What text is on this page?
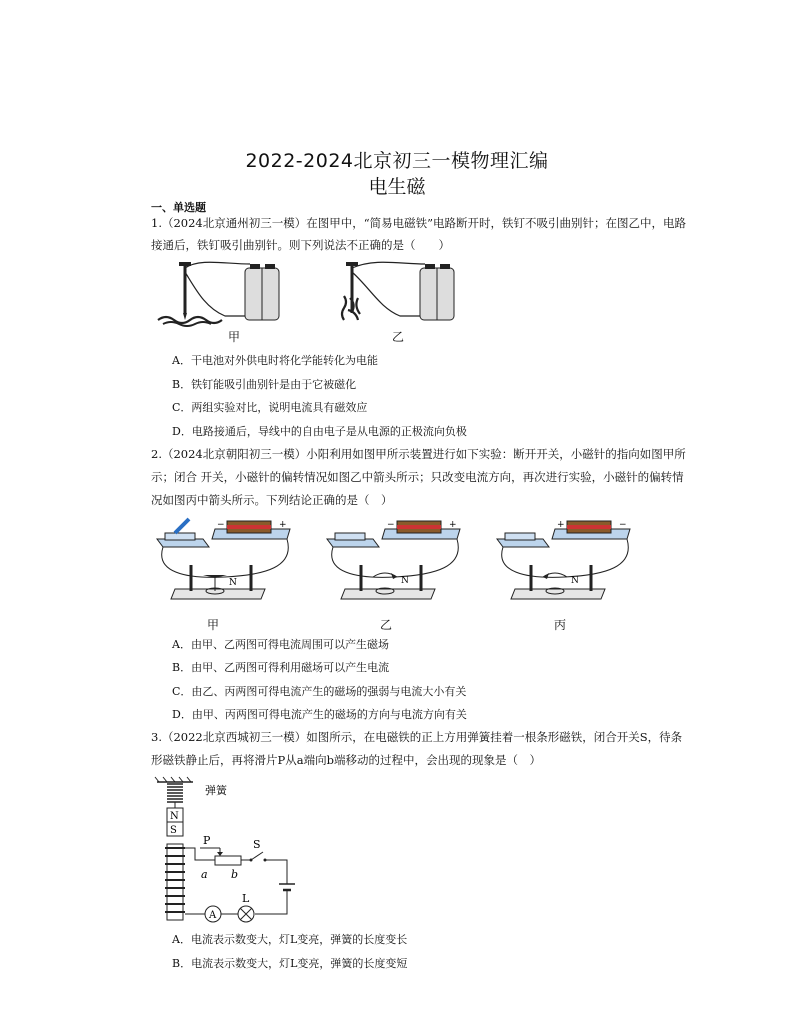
2022-2024北京初三一模物理汇编
电生磁
一、单选题
1.（2024北京通州初三一模）在图甲中，“简易电磁铁”电路断开时，铁钉不吸引曲别针；在图乙中，电路
接通后，铁钉吸引曲别针。则下列说法不正确的是（　　）
甲	乙
A．干电池对外供电时将化学能转化为电能
B．铁钉能吸引曲别针是由于它被磁化
C．两组实验对比，说明电流具有磁效应
D．电路接通后，导线中的自由电子是从电源的正极流向负极
2.（2024北京朝阳初三一模）小阳利用如图甲所示装置进行如下实验：断开开关，小磁针的指向如图甲所
示；闭合 开关，小磁针的偏转情况如图乙中箭头所示；只改变电流方向，再次进行实验，小磁针的偏转情
况如图丙中箭头所示。下列结论正确的是（　）
−	+
N
−	+
N
+	−
N
甲	乙	丙
A．由甲、乙两图可得电流周围可以产生磁场
B．由甲、乙两图可得利用磁场可以产生电流
C．由乙、丙两图可得电流产生的磁场的强弱与电流大小有关
D．由甲、丙两图可得电流产生的磁场的方向与电流方向有关
3.（2022北京西城初三一模）如图所示，在电磁铁的正上方用弹簧挂着一根条形磁铁，闭合开关S，待条
形磁铁静止后，再将滑片P从a端向b端移动的过程中，会出现的现象是（　）
弹簧
N
S
P
a b
S
L
A
A．电流表示数变大，灯L变亮，弹簧的长度变长
B．电流表示数变大，灯L变亮，弹簧的长度变短
